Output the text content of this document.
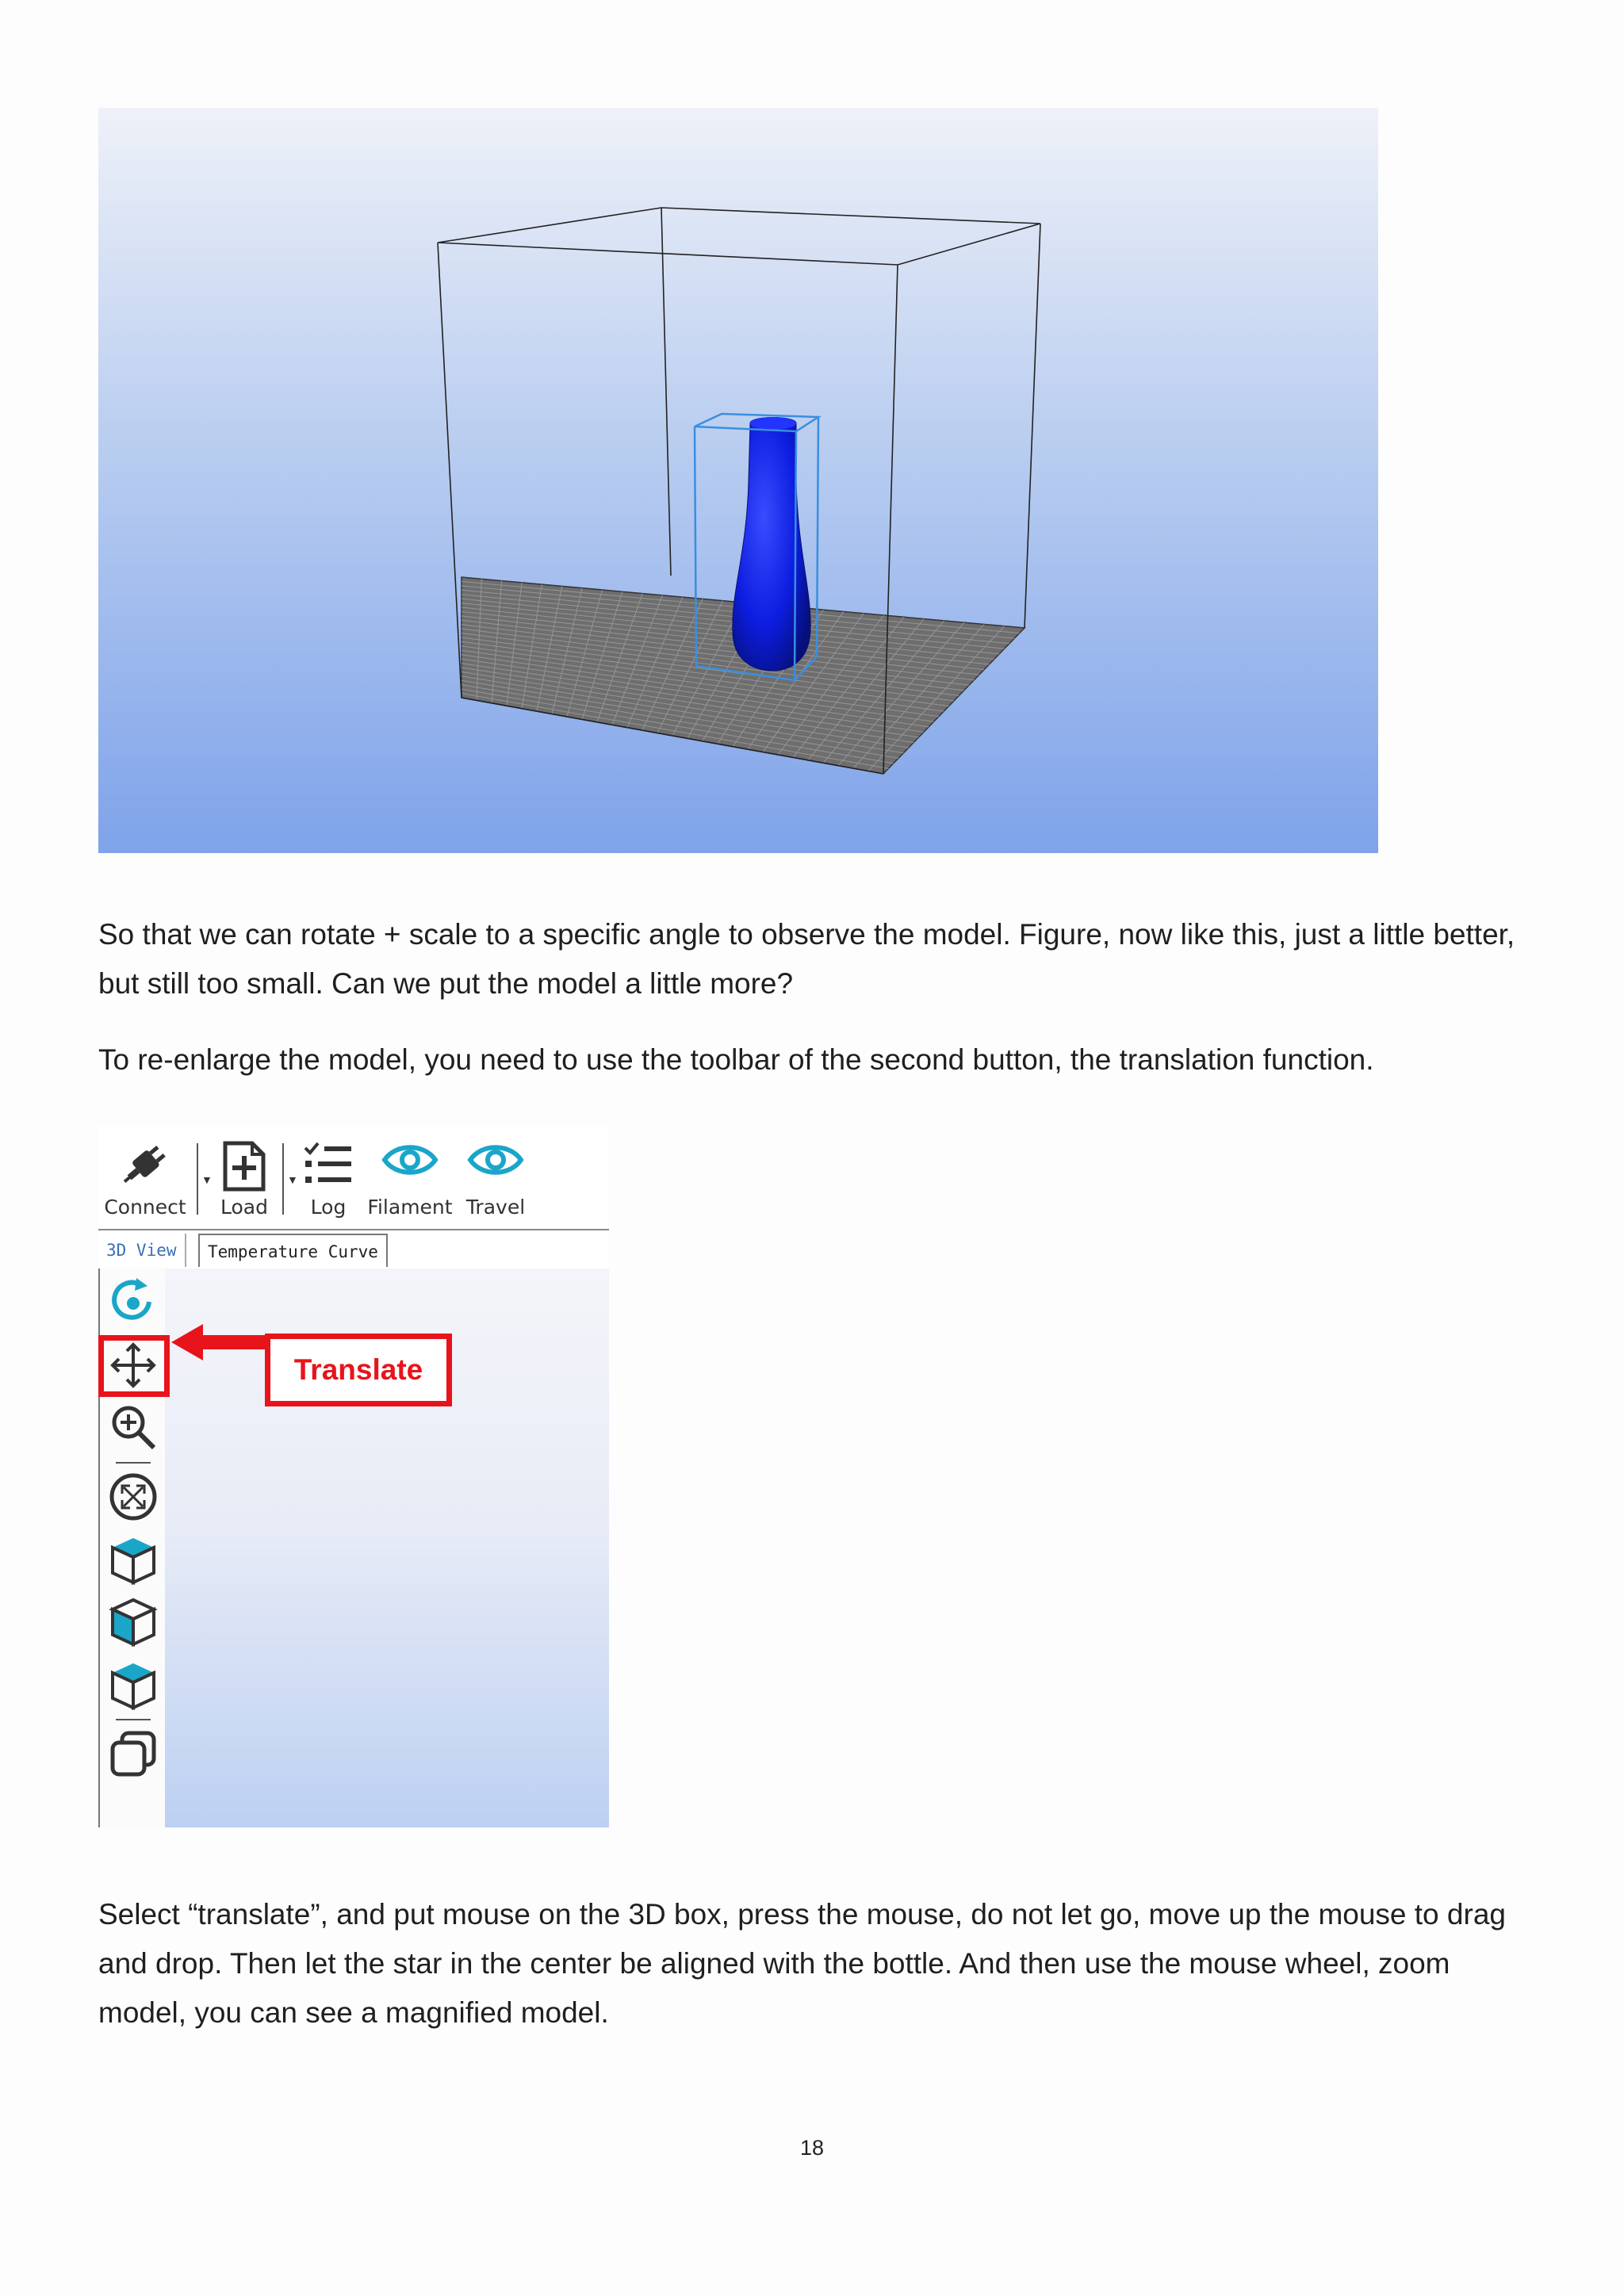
So that we can rotate + scale to a specific angle to observe the model. Figure, now like this, just a little better, but still too small. Can we put the model a little more?

To re-enlarge the model, you need to use the toolbar of the second button, the translation function.

Connect
▼
Load
▼
Log	Filament Travel
3D View	Temperature Curve
Translate

Select “translate”, and put mouse on the 3D box, press the mouse, do not let go, move up the mouse to drag and drop. Then let the star in the center be aligned with the bottle. And then use the mouse wheel, zoom model, you can see a magnified model.

18
